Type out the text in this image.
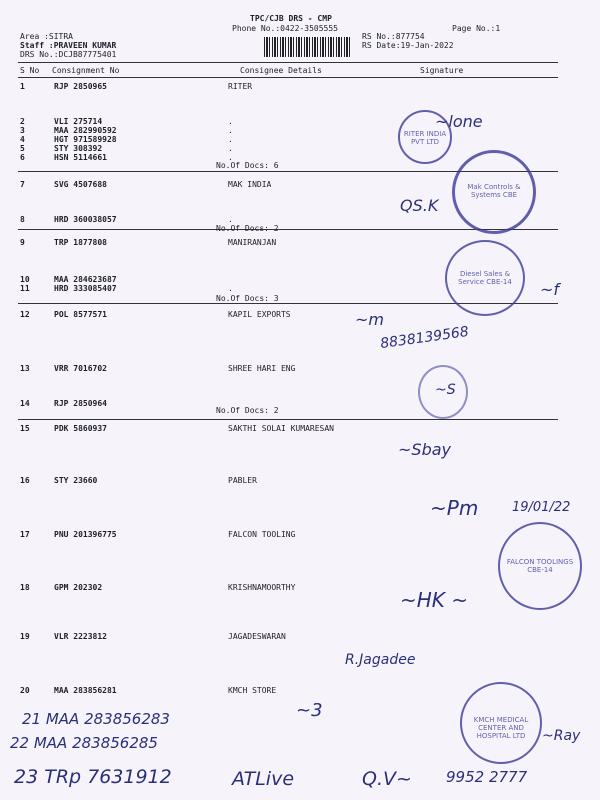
TPC/CJB DRS - CMP
Phone No.:0422-3505555	Page No.:1
Area :SITRA
Staff :PRAVEEN KUMAR
DRS No.:DCJB87775401
RS No.:877754
RS Date:19-Jan-2022
S No Consignment No	Consignee Details	Signature
1	RJP 2850965	RITER
2	VLI 275714	.
3	MAA 282990592	.
4	HGT 971589928	.
5	STY 308392	.
6	HSN 5114661	.
7	SVG 4507688	MAK INDIA
8	HRD 360038057	.
9	TRP 1877808	MANIRANJAN
10	MAA 284623687
11	HRD 333085407	.
12	POL 8577571	KAPIL EXPORTS
13	VRR 7016702	SHREE HARI ENG
14	RJP 2850964
15	PDK 5860937	SAKTHI SOLAI KUMARESAN
16	STY 23660	PABLER
17	PNU 201396775	FALCON TOOLING
18	GPM 202302	KRISHNAMOORTHY
19	VLR 2223812	JAGADESWARAN
20	MAA 283856281	KMCH STORE
No.Of Docs: 6
No.Of Docs: 2
No.Of Docs: 3
No.Of Docs: 2
RITER INDIA PVT LTD
Mak Controls & Systems CBE
Diesel Sales & Service CBE-14
FALCON TOOLINGS CBE-14
KMCH MEDICAL CENTER AND HOSPITAL LTD
~lone
QS.K
~f
~m
8838139568
~S
~Sbay
~Pm	19/01/22
~HK ~
R.Jagadee
~3
~Ray
21 MAA 283856283
22 MAA 283856285
23 TRp 7631912	ATLive	Q.V~ 9952 2777
